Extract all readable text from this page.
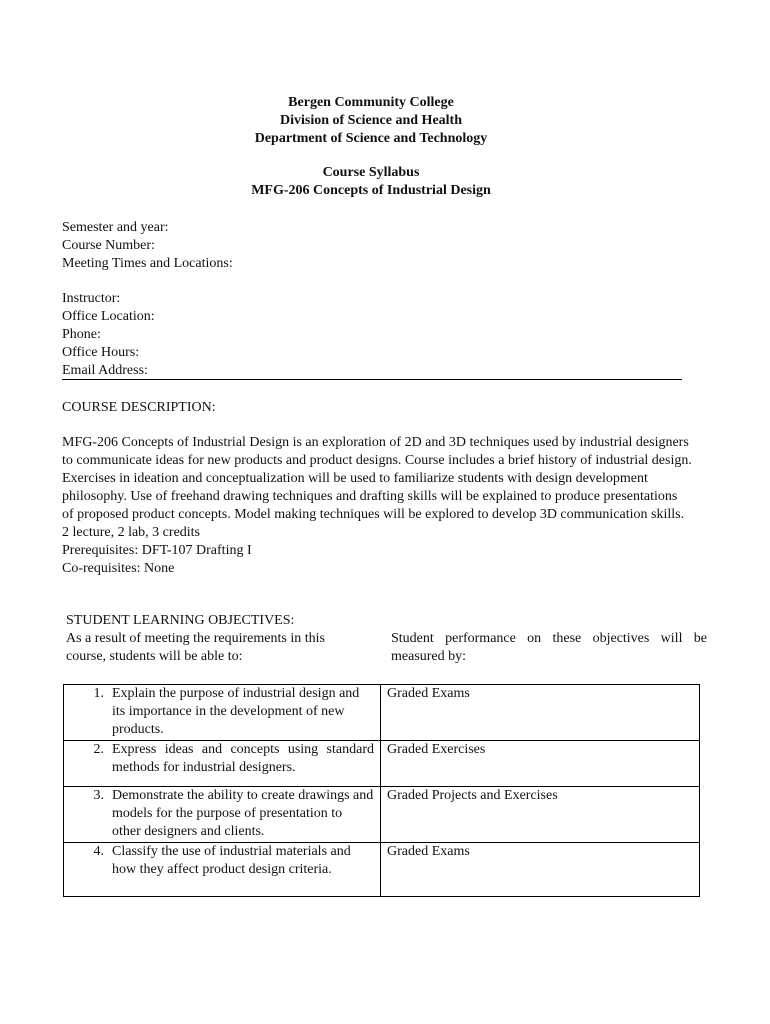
Bergen Community College
Division of Science and Health
Department of Science and Technology
Course Syllabus
MFG-206 Concepts of Industrial Design
Semester and year:
Course Number:
Meeting Times and Locations:
Instructor:
Office Location:
Phone:
Office Hours:
Email Address:
COURSE DESCRIPTION:

MFG-206 Concepts of Industrial Design is an exploration of 2D and 3D techniques used by industrial designers to communicate ideas for new products and product designs. Course includes a brief history of industrial design. Exercises in ideation and conceptualization will be used to familiarize students with design development philosophy. Use of freehand drawing techniques and drafting skills will be explained to produce presentations of proposed product concepts. Model making techniques will be explored to develop 3D communication skills.

2 lecture, 2 lab, 3 credits

Prerequisites: DFT-107 Drafting I

Co-requisites: None

STUDENT LEARNING OBJECTIVES:
As a result of meeting the requirements in this course, students will be able to:
Student performance on these objectives will be measured by:
1. Explain the purpose of industrial design and its importance in the development of new products.	Graded Exams

2. Express ideas and concepts using standard methods for industrial designers.	Graded Exercises

3. Demonstrate the ability to create drawings and models for the purpose of presentation to other designers and clients.	Graded Projects and Exercises

4. Classify the use of industrial materials and how they affect product design criteria.	Graded Exams
